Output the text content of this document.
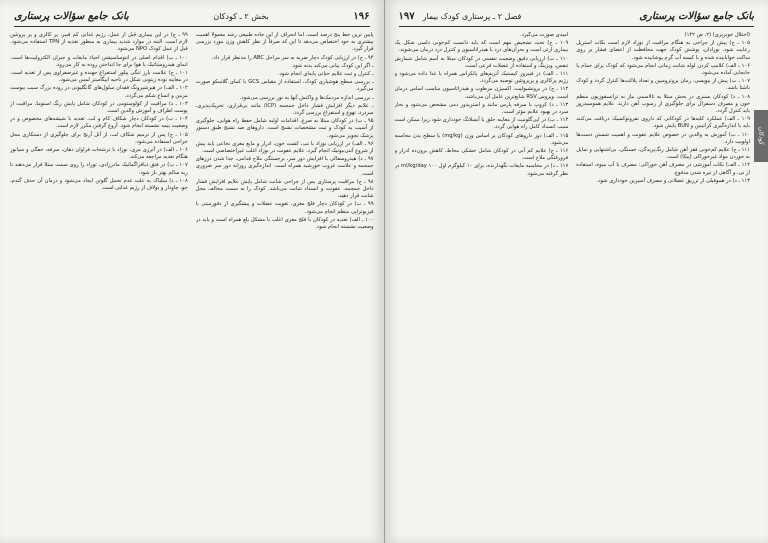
۱۹۶
بخش ۲ ـ کودکان
بانک جامع سؤالات پرستاری

پایین ترین خط پنج درصد است، اما انحراف از این جاده طبیعی رشد معمولاً اهمیت بیشتری به خود اختصاص می‌دهد تا این که صرفاً از نظر کاهش وزن مورد بررسی قرار گیرد.

۹۴ ـ ج) در ارزیابی کودک دچار ضربه به سر مراحل ABC را مدنظر قرار داد.

ـ اگر این کودک بیانی می‌کند بدنه شود.

ـ کنترل و ثبت علایم حیاتی پایه‌ای انجام شود.

ـ بررسی سطح هوشیاری کودک، استفاده از مقیاس GCS یا کمای گلاسکو صورت می‌گیرد.

ـ بررسی اندازه مردمک‌ها و واکنش آنها به نور بررسی می‌شود.

ـ علایم دیگر افزایش فشار داخل جمجمه (ICP) مانند بی‌قراری، تحریک‌پذیری، سردرد، تهوع و استفراغ بررسی گردد.

۹۵ ـ ب) در کودکان مبتلا به صرع، اقدامات اولیه شامل حفظ راه هوایی، جلوگیری از آسیب به کودک و ثبت مشخصات تشنج است. داروهای ضد تشنج طبق دستور پزشک تجویز می‌شود.

۹۶ ـ الف) در ارزیابی نوزاد با تب، کشت خون، ادرار و مایع مغزی نخاعی باید پیش از شروع آنتی‌بیوتیک انجام گیرد. علایم عفونت در نوزاد اغلب غیراختصاصی است.

۹۷ ـ د) هیدروسفالی با افزایش دور سر، برجستگی ملاج قدامی، جدا شدن درزهای جمجمه و علامت غروب خورشید همراه است. اندازه‌گیری روزانه دور سر ضروری است.

۹۸ ـ ج) مراقبت پرستاری پس از جراحی شانت شامل پایش علایم افزایش فشار داخل جمجمه، عفونت و انسداد شانت می‌باشد. کودک را به سمت مخالف محل شانت قرار دهید.

۹۹ ـ ب) در کودکان دچار فلج مغزی، تقویت عضلات و پیشگیری از دفورمیتی با فیزیوتراپی منظم انجام می‌شود.

۱۰۰ ـ الف) تغذیه در کودکان با فلج مغزی اغلب با مشکل بلع همراه است و باید در وضعیت نشسته انجام شود.

۹۹ ـ ج) در این بیماری قبل از عمل، رژیم غذایی کم فیبر، پر کالری و پر پروتئین لازم است. البته در موارد شدید بیماری به منظور تغذیه از TPN استفاده می‌شود. قبل از عمل کودک NPO می‌شود.

۱۰۰ ـ ب) اقدام اصلی در انتوساسپشن احیاء مایعات و جبران الکترولیت‌ها است. انمای هیدروستاتیک یا هوا برای جا انداختن روده به کار می‌رود.

۱۰۱ ـ ج) علامت بارز تنگی پیلور استفراغ جهنده و غیرصفراوی پس از تغذیه است. در معاینه توده زیتونی شکل در ناحیه اپیگاستر لمس می‌شود.

۱۰۲ ـ الف) در هیرشپرونگ فقدان سلول‌های گانگلیونی در روده بزرگ سبب یبوست مزمن و اتساع شکم می‌گردد.

۱۰۳ ـ د) مراقبت از کولوستومی در کودکان شامل پایش رنگ استوما، مراقبت از پوست اطراف و آموزش والدین است.

۱۰۴ ـ ب) در کودکان دچار شکاف کام و لب، تغذیه با شیشه‌های مخصوص و در وضعیت نیمه نشسته انجام شود. آروغ گرفتن مکرر لازم است.

۱۰۵ ـ ج) پس از ترمیم شکاف لب، از آتل آرنج برای جلوگیری از دستکاری محل جراحی استفاده می‌شود.

۱۰۶ ـ الف) در آترزی مری، نوزاد با ترشحات فراوان دهان، سرفه، خفگی و سیانوز هنگام تغذیه مراجعه می‌کند.

۱۰۷ ـ ب) در فتق دیافراگماتیک مادرزادی، نوزاد را روی سمت مبتلا قرار می‌دهند تا ریه سالم بهتر باز شود.

۱۰۸ ـ د) سلیاک به علت عدم تحمل گلوتن ایجاد می‌شود و درمان آن حذف گندم، جو، چاودار و یولاف از رژیم غذایی است.

بانک جامع سؤالات پرستاری
فصل ۲ ـ پرستاری کودک بیمار
۱۹۷
کودکان

(اختلال خونریزی) (۲، ص ۱۴۲)

۱۰۵ ـ ج) پیش از جراحی به هنگام مراقبت از نوزاد لازم است نکات استریل رعایت شود. نوزادان، پوشش کودک جهت محافظت از اعضای فشار بر روی ساکت خوابانیده شده و با کیسه آب گرم پوشانیده شود.

۱۰۶ ـ الف) کلامپ کردن لوله شانت زمانی انجام می‌شود که کودک برای حمام یا جابجایی آماده می‌شود.

۱۰۷ ـ ب) پیش از بیوپسی، زمان پروترومبین و تعداد پلاکت‌ها کنترل گردد و کودک ناشتا باشد.

۱۰۸ ـ د) کودکان بستری در بخش مبتلا به تالاسمی نیاز به ترانسفوزیون منظم خون و مصرف دسفرال برای جلوگیری از رسوب آهن دارند. علایم هموسیدروز باید کنترل گردد.

۱۰۹ ـ الف) عملکرد کلیه‌ها در کودکانی که داروی نفروتوکسیک دریافت می‌کنند باید با اندازه‌گیری کراتینین و BUN پایش شود.

۱۱۰ ـ ب) آموزش به والدین در خصوص علایم عفونت و اهمیت شستن دست‌ها اولویت دارد.

۱۱۱ ـ ج) علایم کم‌خونی فقر آهن شامل رنگ‌پریدگی، خستگی، بی‌اشتهایی و تمایل به خوردن مواد غیرخوراکی (پیکا) است.

۱۱۲ ـ الف) نکات آموزشی در مصرف آهن خوراکی: مصرف با آب میوه، استفاده از نی، و آگاهی از تیره شدن مدفوع.

۱۱۳ ـ د) در هموفیلی از تزریق عضلانی و مصرف آسپرین خودداری شود.

امیدی صورت می‌گیرد.

۱۰۹ ـ ج) تحت تشخیص مهم است که باید دانست کم‌خونی داسی شکل یک بیماری ارثی است و بحران‌های درد با هیدراتاسیون و کنترل درد درمان می‌شوند.

۱۱۰ ـ ب) ارزیابی دقیق وضعیت تنفسی در کودکان مبتلا به آسم شامل شمارش تنفس، ویزینگ و استفاده از عضلات فرعی است.

۱۱۱ ـ الف) در فیبروز کیستیک آنزیم‌های پانکراس همراه با غذا داده می‌شود و رژیم پرکالری و پرپروتئین توصیه می‌گردد.

۱۱۲ ـ ج) در برونشیولیت، اکسیژن مرطوب و هیدراتاسیون مناسب اساس درمان است. ویروس RSV شایع‌ترین عامل آن می‌باشد.

۱۱۳ ـ د) کروپ با سرفه پارس مانند و استریدور دمی مشخص می‌شود و بخار سرد در بهبود علایم مؤثر است.

۱۱۴ ـ ب) در اپی‌گلوتیت از معاینه حلق با آبسلانگ خودداری شود زیرا ممکن است سبب انسداد کامل راه هوایی گردد.

۱۱۵ ـ الف) دوز داروهای کودکان بر اساس وزن (mg/kg) یا سطح بدن محاسبه می‌شود.

۱۱۶ ـ ج) علایم کم آبی در کودکان شامل خشکی مخاط، کاهش برون‌ده ادرار و فرورفتگی ملاج است.

۱۱۷ ـ د) در محاسبه مایعات نگهدارنده، برای ۱۰ کیلوگرم اول ۱۰۰ ml/kg/day در نظر گرفته می‌شود.
